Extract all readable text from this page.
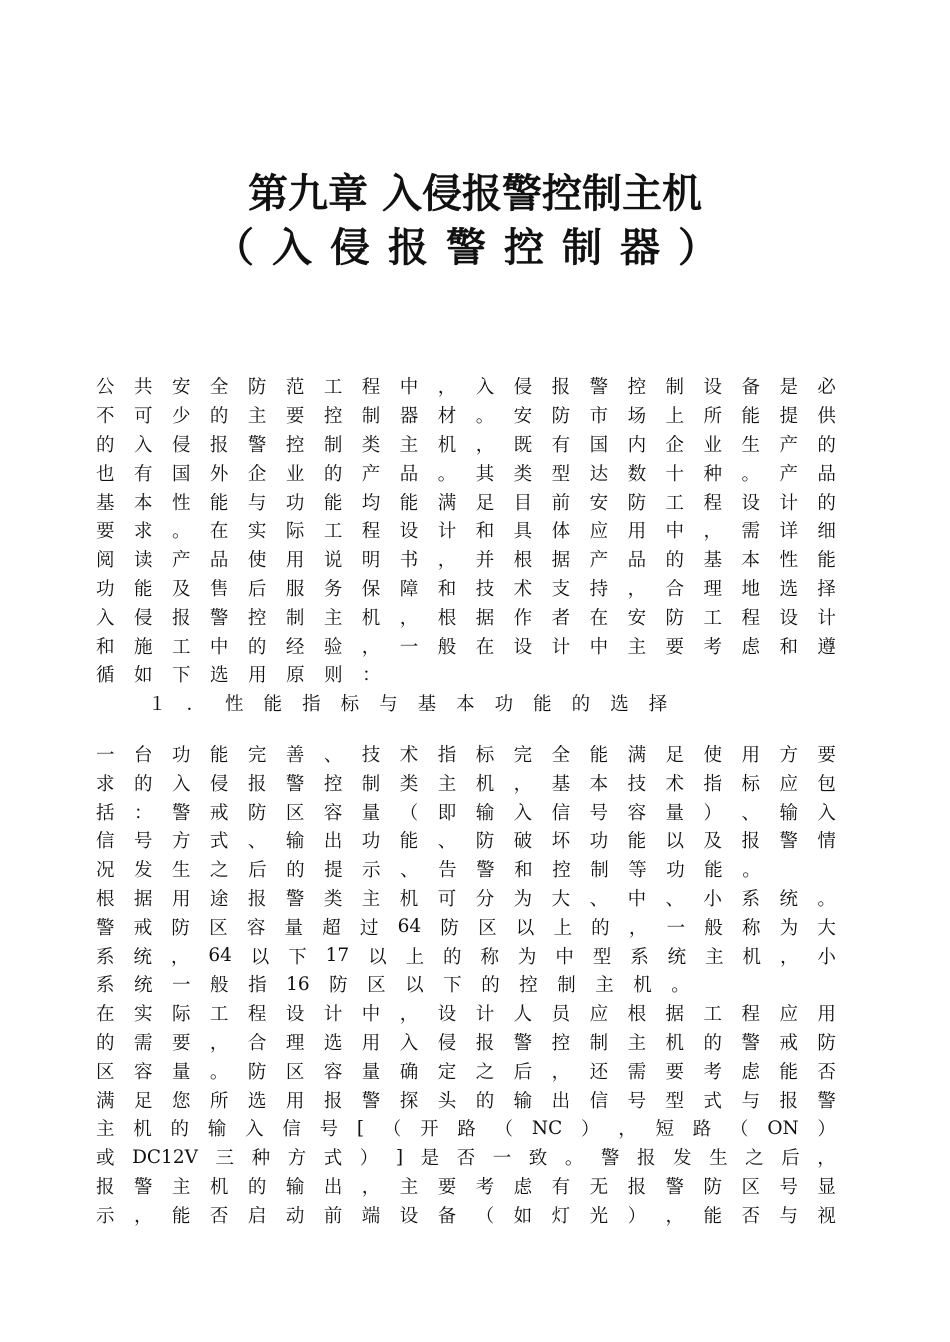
第九章 入侵报警控制主机
（入侵报警控制器）
公 共 安 全 防 范 工 程 中 ， 入 侵 报 警 控 制 设 备 是 必
不 可 少 的 主 要 控 制 器 材 。 安 防 市 场 上 所 能 提 供
的 入 侵 报 警 控 制 类 主 机 ， 既 有 国 内 企 业 生 产 的
也 有 国 外 企 业 的 产 品 。 其 类 型 达 数 十 种 。 产 品
基 本 性 能 与 功 能 均 能 满 足 目 前 安 防 工 程 设 计 的
要 求 。 在 实 际 工 程 设 计 和 具 体 应 用 中 ， 需 详 细
阅 读 产 品 使 用 说 明 书 ， 并 根 据 产 品 的 基 本 性 能
功 能 及 售 后 服 务 保 障 和 技 术 支 持 ， 合 理 地 选 择
入 侵 报 警 控 制 主 机 ， 根 据 作 者 在 安 防 工 程 设 计
和 施 工 中 的 经 验 ， 一 般 在 设 计 中 主 要 考 虑 和 遵
循 如 下 选 用 原 则 ：
１ ． 性 能 指 标 与 基 本 功 能 的 选 择
一 台 功 能 完 善 、 技 术 指 标 完 全 能 满 足 使 用 方 要
求 的 入 侵 报 警 控 制 类 主 机 ， 基 本 技 术 指 标 应 包
括 ： 警 戒 防 区 容 量 （ 即 输 入 信 号 容 量 ） 、 输 入
信 号 方 式 、 输 出 功 能 、 防 破 坏 功 能 以 及 报 警 情
况 发 生 之 后 的 提 示 、 告 警 和 控 制 等 功 能 。
根 据 用 途 报 警 类 主 机 可 分 为 大 、 中 、 小 系 统 。
警 戒 防 区 容 量 超 过 64 防 区 以 上 的 ， 一 般 称 为 大
系 统 ， 64 以 下 17 以 上 的 称 为 中 型 系 统 主 机 ， 小
系 统 一 般 指 16 防 区 以 下 的 控 制 主 机 。
在 实 际 工 程 设 计 中 ， 设 计 人 员 应 根 据 工 程 应 用
的 需 要 ， 合 理 选 用 入 侵 报 警 控 制 主 机 的 警 戒 防
区 容 量 。 防 区 容 量 确 定 之 后 ， 还 需 要 考 虑 能 否
满 足 您 所 选 用 报 警 探 头 的 输 出 信 号 型 式 与 报 警
主 机 的 输 入 信 号 [ （ 开 路 （ NC ） ， 短 路 （ ON ）
或 DC12V 三 种 方 式 ） ] 是 否 一 致 。 警 报 发 生 之 后 ，
报 警 主 机 的 输 出 ， 主 要 考 虑 有 无 报 警 防 区 号 显
示 ， 能 否 启 动 前 端 设 备 （ 如 灯 光 ） ， 能 否 与 视
